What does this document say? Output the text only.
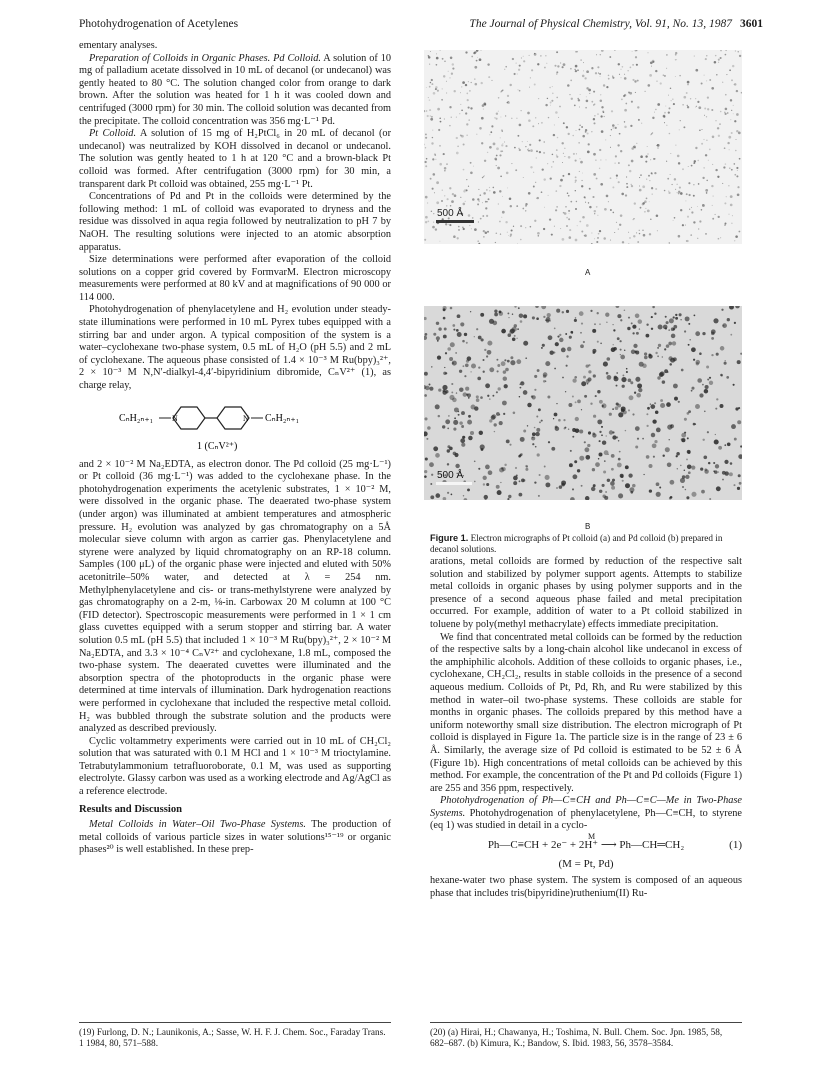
Photohydrogenation of Acetylenes	The Journal of Physical Chemistry, Vol. 91, No. 13, 1987 3601

ementary analyses.

Preparation of Colloids in Organic Phases. Pd Colloid. A solution of 10 mg of palladium acetate dissolved in 10 mL of decanol (or undecanol) was gently heated to 80 °C. The solution changed color from orange to dark brown. After the solution was heated for 1 h it was cooled down and centrifuged (3000 rpm) for 30 min. The colloid solution was decanted from the precipitate. The colloid concentration was 356 mg·L⁻¹ Pd.

Pt Colloid. A solution of 15 mg of H₂PtCl₆ in 20 mL of decanol (or undecanol) was neutralized by KOH dissolved in decanol or undecanol. The solution was gently heated to 1 h at 120 °C and a brown-black Pt colloid was formed. After centrifugation (3000 rpm) for 30 min, a transparent dark Pt colloid was obtained, 255 mg·L⁻¹ Pt.

Concentrations of Pd and Pt in the colloids were determined by the following method: 1 mL of colloid was evaporated to dryness and the residue was dissolved in aqua regia followed by neutralization to pH 7 by NaOH. The resulting solutions were injected to an atomic absorption apparatus.

Size determinations were performed after evaporation of the colloid solutions on a copper grid covered by FormvarM. Electron microscopy measurements were performed at 80 kV and at magnifications of 90 000 or 114 000.

Photohydrogenation of phenylacetylene and H₂ evolution under steady-state illuminations were performed in 10 mL Pyrex tubes equipped with a stirring bar and under argon. A typical composition of the system is a water–cyclohexane two-phase system, 0.5 mL of H₂O (pH 5.5) and 2 mL of cyclohexane. The aqueous phase consisted of 1.4 × 10⁻³ M Ru(bpy)₃²⁺, 2 × 10⁻³ M N,N′-dialkyl-4,4′-bipyridinium dibromide, CₙV²⁺ (1), as charge relay,

CₙH₂ₙ₊₁ N	N CₙH₂ₙ₊₁
1 (CₙV²⁺)

and 2 × 10⁻² M Na₂EDTA, as electron donor. The Pd colloid (25 mg·L⁻¹) or Pt colloid (36 mg·L⁻¹) was added to the cyclohexane phase. In the photohydrogenation experiments the acetylenic substrates, 1 × 10⁻² M, were dissolved in the organic phase. The deaerated two-phase system (under argon) was illuminated at ambient temperatures and atmospheric pressure. H₂ evolution was analyzed by gas chromatography on a 5Å molecular sieve column with argon as carrier gas. Phenylacetylene and styrene were analyzed by liquid chromatography on an RP-18 column. Samples (100 μL) of the organic phase were injected and eluted with 50% acetonitrile–50% water, and detected at λ = 254 nm. Methylphenylacetylene and cis- or trans-methylstyrene were analyzed by gas chromatography on a 2-m, ⅛-in. Carbowax 20 M column at 100 °C (FID detector). Spectroscopic measurements were performed in 1 × 1 cm glass cuvettes equipped with a serum stopper and stirring bar. A water solution 0.5 mL (pH 5.5) that included 1 × 10⁻³ M Ru(bpy)₃²⁺, 2 × 10⁻² M Na₂EDTA, and 3.3 × 10⁻⁴ CₙV²⁺ and cyclohexane, 1.8 mL, composed the two-phase system. The deaerated cuvettes were illuminated and the absorption spectra of the photoproducts in the organic phase were determined at time intervals of illumination. Dark hydrogenation reactions were performed in cyclohexane that included the respective metal colloid. H₂ was bubbled through the substrate solution and the products were analyzed as described previously.

Cyclic voltammetry experiments were carried out in 10 mL of CH₂Cl₂ solution that was saturated with 0.1 M HCl and 1 × 10⁻³ M trioctylamine. Tetrabutylammonium tetrafluoroborate, 0.1 M, was used as supporting electrolyte. Glassy carbon was used as a working electrode and Ag/AgCl as a reference electrode.

Results and Discussion

Metal Colloids in Water–Oil Two-Phase Systems. The production of metal colloids of various particle sizes in water solutions¹⁵⁻¹⁹ or organic phases²⁰ is well established. In these prep-

500 Å
A
500 Å
B
Figure 1. Electron micrographs of Pt colloid (a) and Pd colloid (b) prepared in decanol solutions.

arations, metal colloids are formed by reduction of the respective salt solution and stabilized by polymer support agents. Attempts to stabilize metal colloids in organic phases by using polymer supports and in the presence of a second aqueous phase failed and metal precipitation occurred. For example, addition of water to a Pt colloid stabilized in toluene by poly(methyl methacrylate) effects immediate precipitation.

We find that concentrated metal colloids can be formed by the reduction of the respective salts by a long-chain alcohol like undecanol in excess of the amphiphilic alcohols. Addition of these colloids to organic phases, i.e., cyclohexane, CH₂Cl₂, results in stable colloids in the presence of a second aqueous medium. Colloids of Pt, Pd, Rh, and Ru were stabilized by this method in water–oil two-phase systems. These colloids are stable for months in organic phases. The colloids prepared by this method have a uniform noteworthy small size distribution. The electron micrograph of Pt colloid is displayed in Figure 1a. The particle size is in the range of 23 ± 6 Å. Similarly, the average size of Pd colloid is estimated to be 52 ± 6 Å (Figure 1b). High concentrations of metal colloids can be achieved by this method. For example, the concentration of the Pt and Pd colloids (Figure 1) are 255 and 356 ppm, respectively.

Photohydrogenation of Ph—C≡CH and Ph—C≡C—Me in Two-Phase Systems. Photohydrogenation of phenylacetylene, Ph—C≡CH, to styrene (eq 1) was studied in detail in a cyclo-

Ph—C≡CH + 2e⁻ + 2H⁺ ⟶ Ph—CH═CH₂
M
(1)
(M = Pt, Pd)

hexane-water two phase system. The system is composed of an aqueous phase that includes tris(bipyridine)ruthenium(II) Ru-

(19) Furlong, D. N.; Launikonis, A.; Sasse, W. H. F. J. Chem. Soc., Faraday Trans. 1 1984, 80, 571–588.
(20) (a) Hirai, H.; Chawanya, H.; Toshima, N. Bull. Chem. Soc. Jpn. 1985, 58, 682–687. (b) Kimura, K.; Bandow, S. Ibid. 1983, 56, 3578–3584.
